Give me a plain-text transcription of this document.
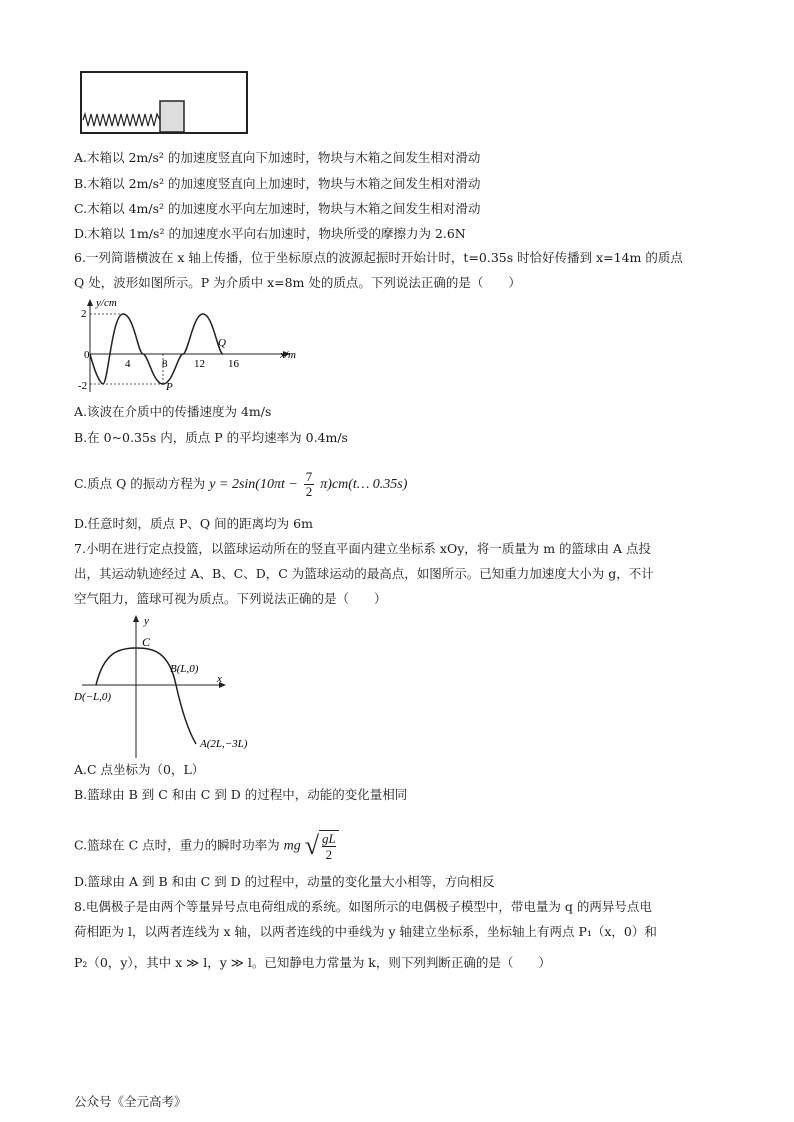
A.木箱以 2m/s² 的加速度竖直向下加速时，物块与木箱之间发生相对滑动
B.木箱以 2m/s² 的加速度竖直向上加速时，物块与木箱之间发生相对滑动
C.木箱以 4m/s² 的加速度水平向左加速时，物块与木箱之间发生相对滑动
D.木箱以 1m/s² 的加速度水平向右加速时，物块所受的摩擦力为 2.6N
6.一列简谐横波在 x 轴上传播，位于坐标原点的波源起振时开始计时，t=0.35s 时恰好传播到 x=14m 的质点
Q 处，波形如图所示。P 为介质中 x=8m 处的质点。下列说法正确的是（　　）
y/cm
x/m
2
0
-2
4	8 12 16
P
Q
A.该波在介质中的传播速度为 4m/s
B.在 0~0.35s 内，质点 P 的平均速率为 0.4m/s
C.质点 Q 的振动方程为 $y = 2\sin(10\pi t - \frac{7}{2}$ π)cm(t… 0.35s)
D.任意时刻，质点 P、Q 间的距离均为 6m
7.小明在进行定点投篮，以篮球运动所在的竖直平面内建立坐标系 xOy，将一质量为 m 的篮球由 A 点投
出，其运动轨迹经过 A、B、C、D，C 为篮球运动的最高点，如图所示。已知重力加速度大小为 g，不计
空气阻力，篮球可视为质点。下列说法正确的是（　　）
y
x
C
B(L,0)
D(−L,0)
A(2L,−3L)
A.C 点坐标为（0，L）
B.篮球由 B 到 C 和由 C 到 D 的过程中，动能的变化量相同
C.篮球在 C 点时，重力的瞬时功率为 mg √ $\frac{gL}{2}$
D.篮球由 A 到 B 和由 C 到 D 的过程中，动量的变化量大小相等，方向相反
8.电偶极子是由两个等量异号点电荷组成的系统。如图所示的电偶极子模型中，带电量为 q 的两异号点电
荷相距为 l，以两者连线为 x 轴，以两者连线的中垂线为 y 轴建立坐标系，坐标轴上有两点 P₁（x，0）和
P₂（0，y），其中 x ≫ l，y ≫ l。已知静电力常量为 k，则下列判断正确的是（　　）
公众号《全元高考》
